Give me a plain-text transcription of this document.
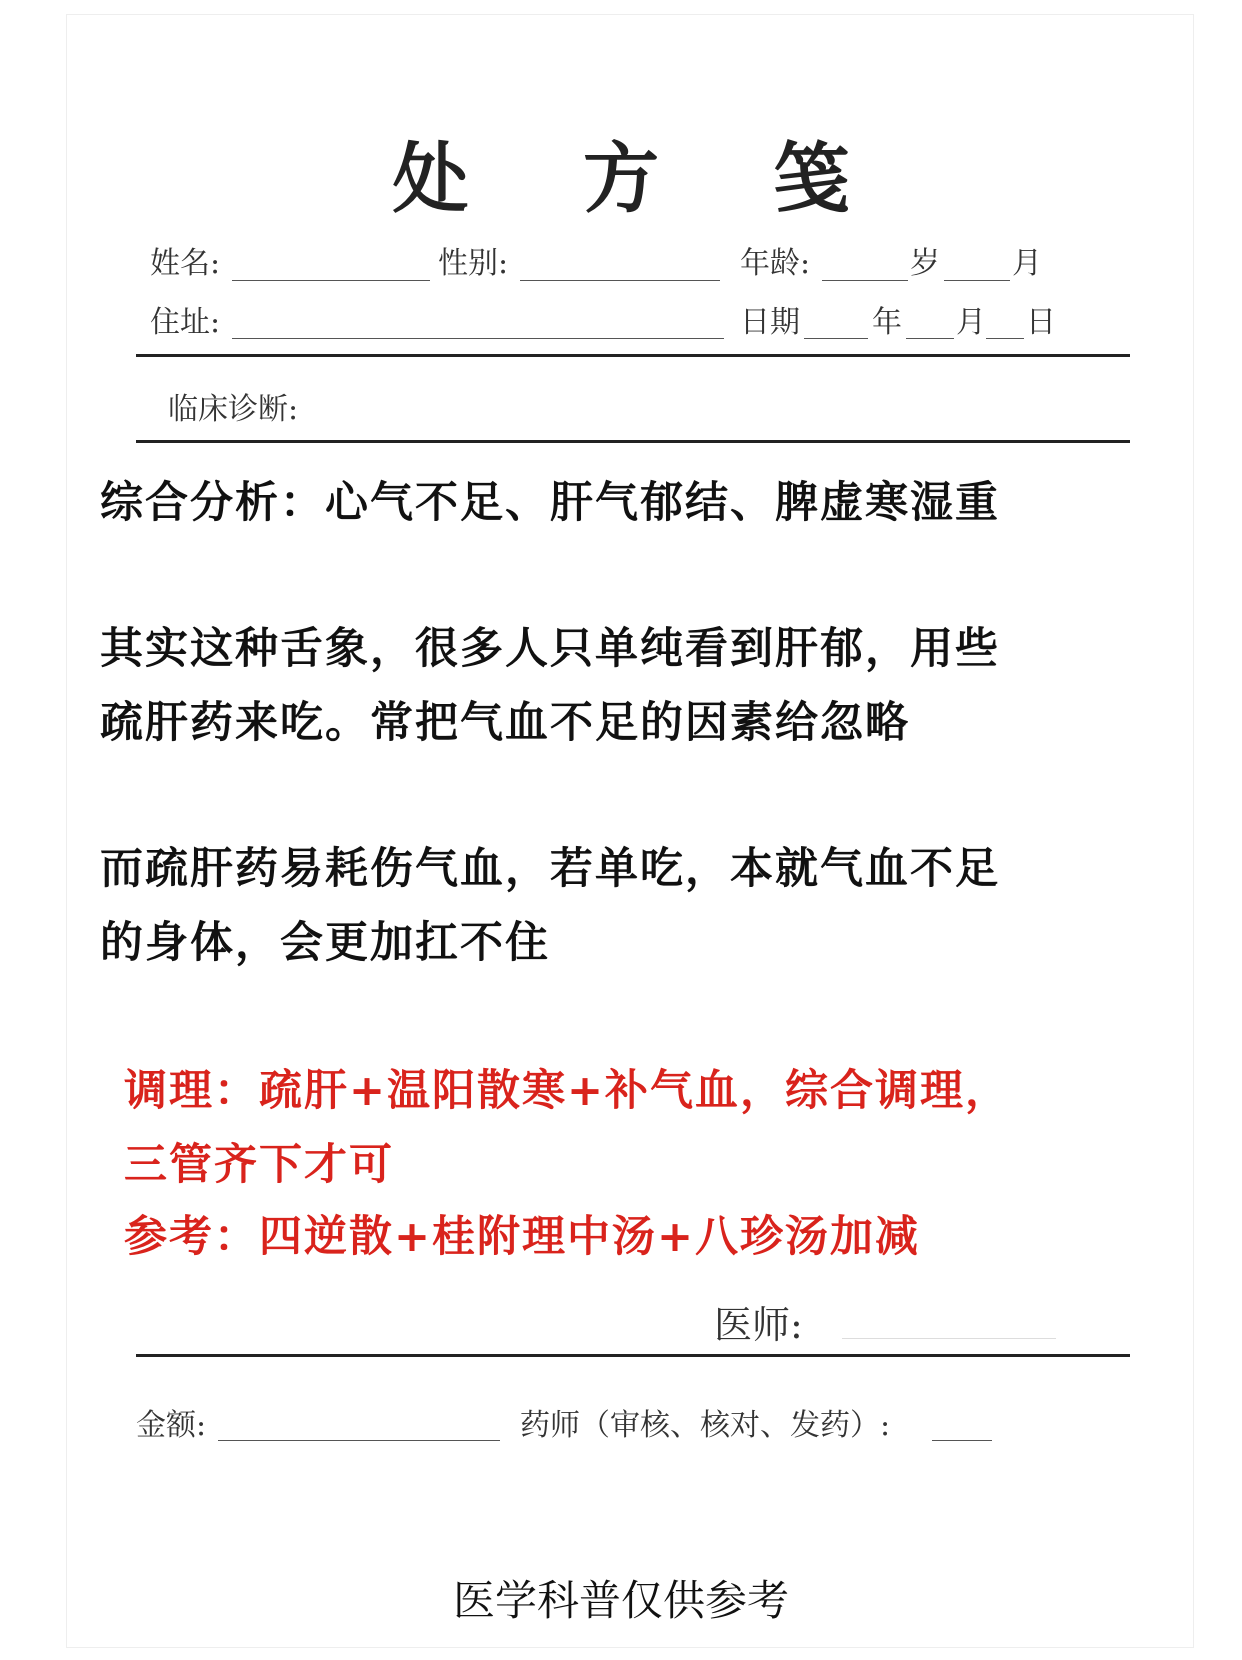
处 方 笺
姓名:	性别:	年龄:	岁 月
住址:	日期 年 月 日
临床诊断:
综合分析：心气不足、肝气郁结、脾虚寒湿重
其实这种舌象，很多人只单纯看到肝郁，用些
疏肝药来吃。常把气血不足的因素给忽略
而疏肝药易耗伤气血，若单吃，本就气血不足
的身体，会更加扛不住
调理：疏肝+温阳散寒+补气血，综合调理，
三管齐下才可
参考：四逆散+桂附理中汤+八珍汤加减
医师:
金额:	药师（审核、核对、发药）:
医学科普仅供参考
